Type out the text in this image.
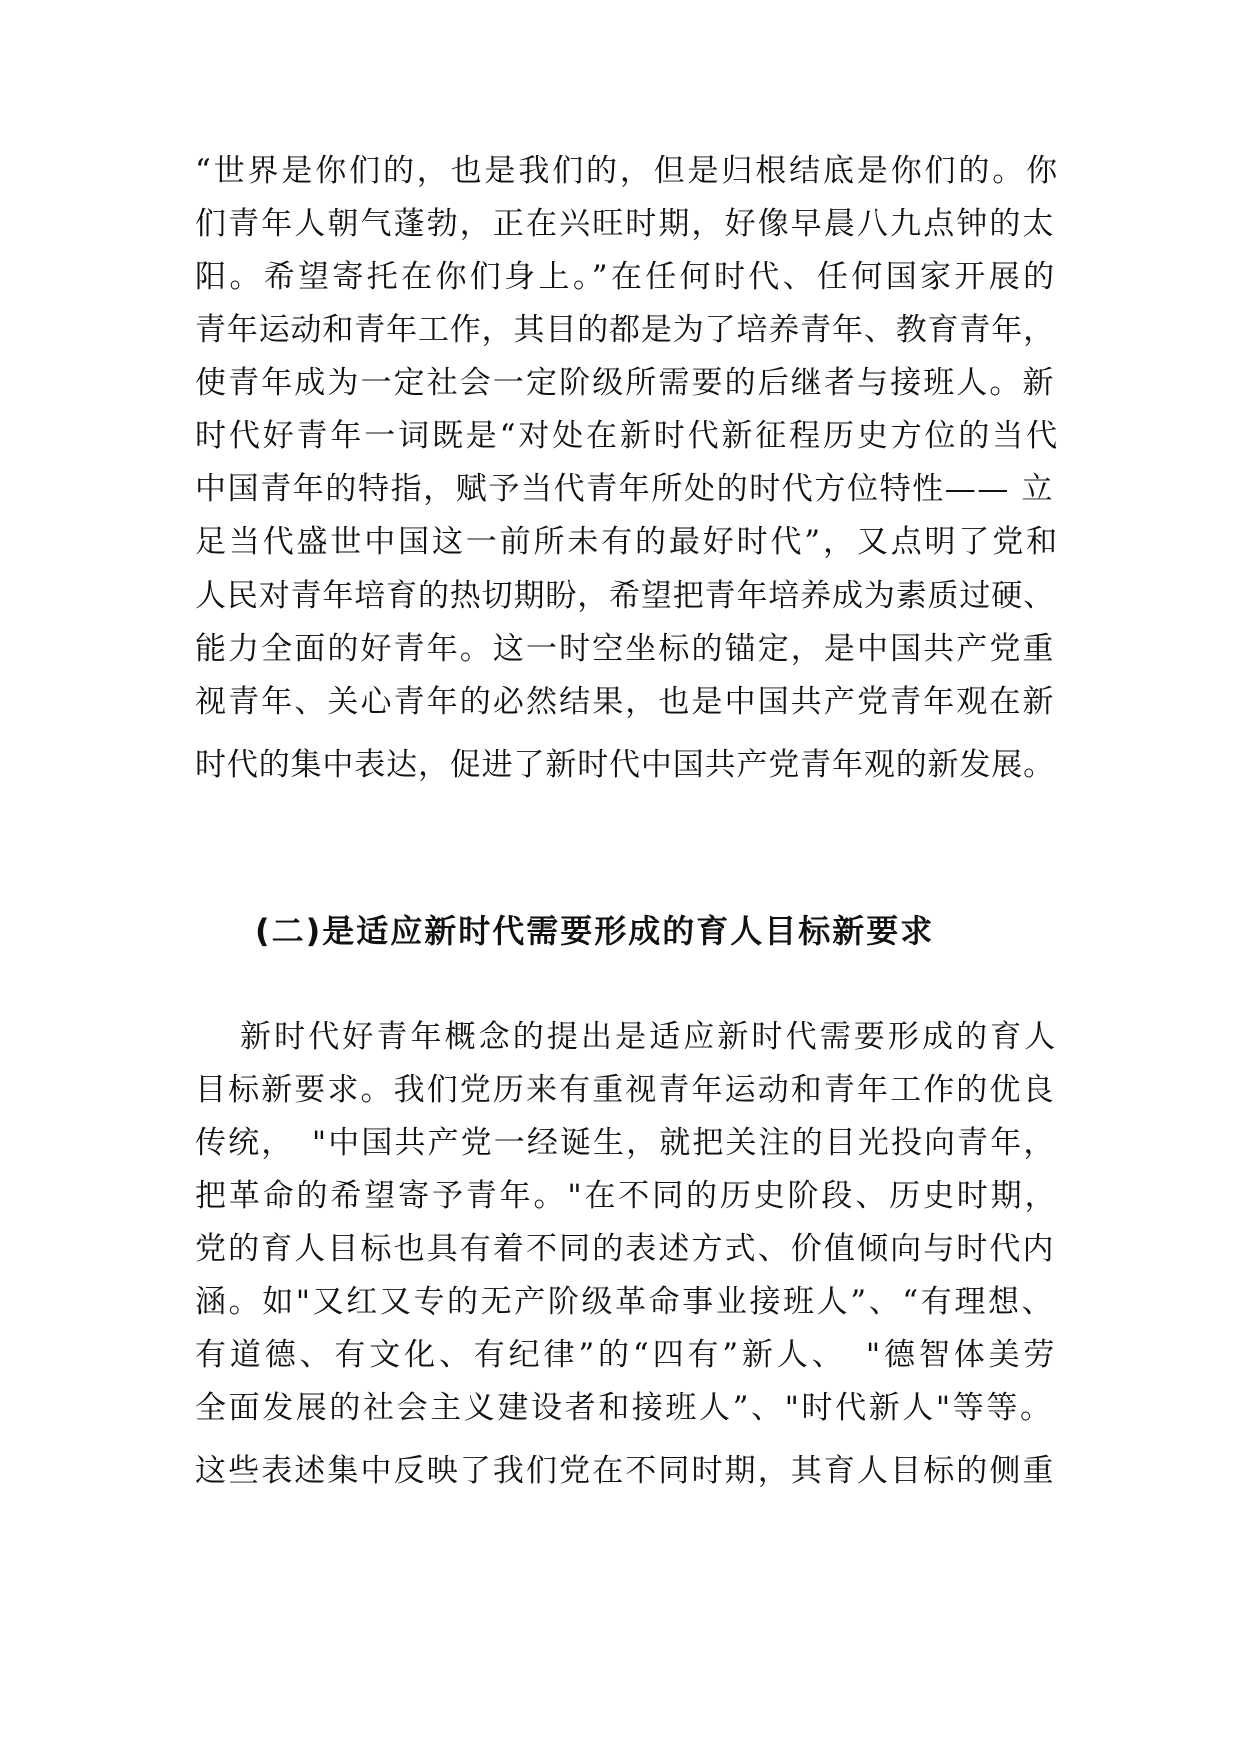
“世界是你们的，也是我们的，但是归根结底是你们的。你
们青年人朝气蓬勃，正在兴旺时期，好像早晨八九点钟的太
阳。希望寄托在你们身上。”在任何时代、任何国家开展的
青年运动和青年工作，其目的都是为了培养青年、教育青年，
使青年成为一定社会一定阶级所需要的后继者与接班人。新
时代好青年一词既是“对处在新时代新征程历史方位的当代
中国青年的特指，赋予当代青年所处的时代方位特性—— 立
足当代盛世中国这一前所未有的最好时代”，又点明了党和
人民对青年培育的热切期盼，希望把青年培养成为素质过硬、
能力全面的好青年。这一时空坐标的锚定，是中国共产党重
视青年、关心青年的必然结果，也是中国共产党青年观在新
时代的集中表达，促进了新时代中国共产党青年观的新发展。
(二)是适应新时代需要形成的育人目标新要求
新时代好青年概念的提出是适应新时代需要形成的育人
目标新要求。我们党历来有重视青年运动和青年工作的优良
传统，　"中国共产党一经诞生，就把关注的目光投向青年，
把革命的希望寄予青年。"在不同的历史阶段、历史时期，
党的育人目标也具有着不同的表述方式、价值倾向与时代内
涵。如"又红又专的无产阶级革命事业接班人”、“有理想、
有道德、有文化、有纪律”的“四有”新人、　"德智体美劳
全面发展的社会主义建设者和接班人”、"时代新人"等等。
这些表述集中反映了我们党在不同时期，其育人目标的侧重
